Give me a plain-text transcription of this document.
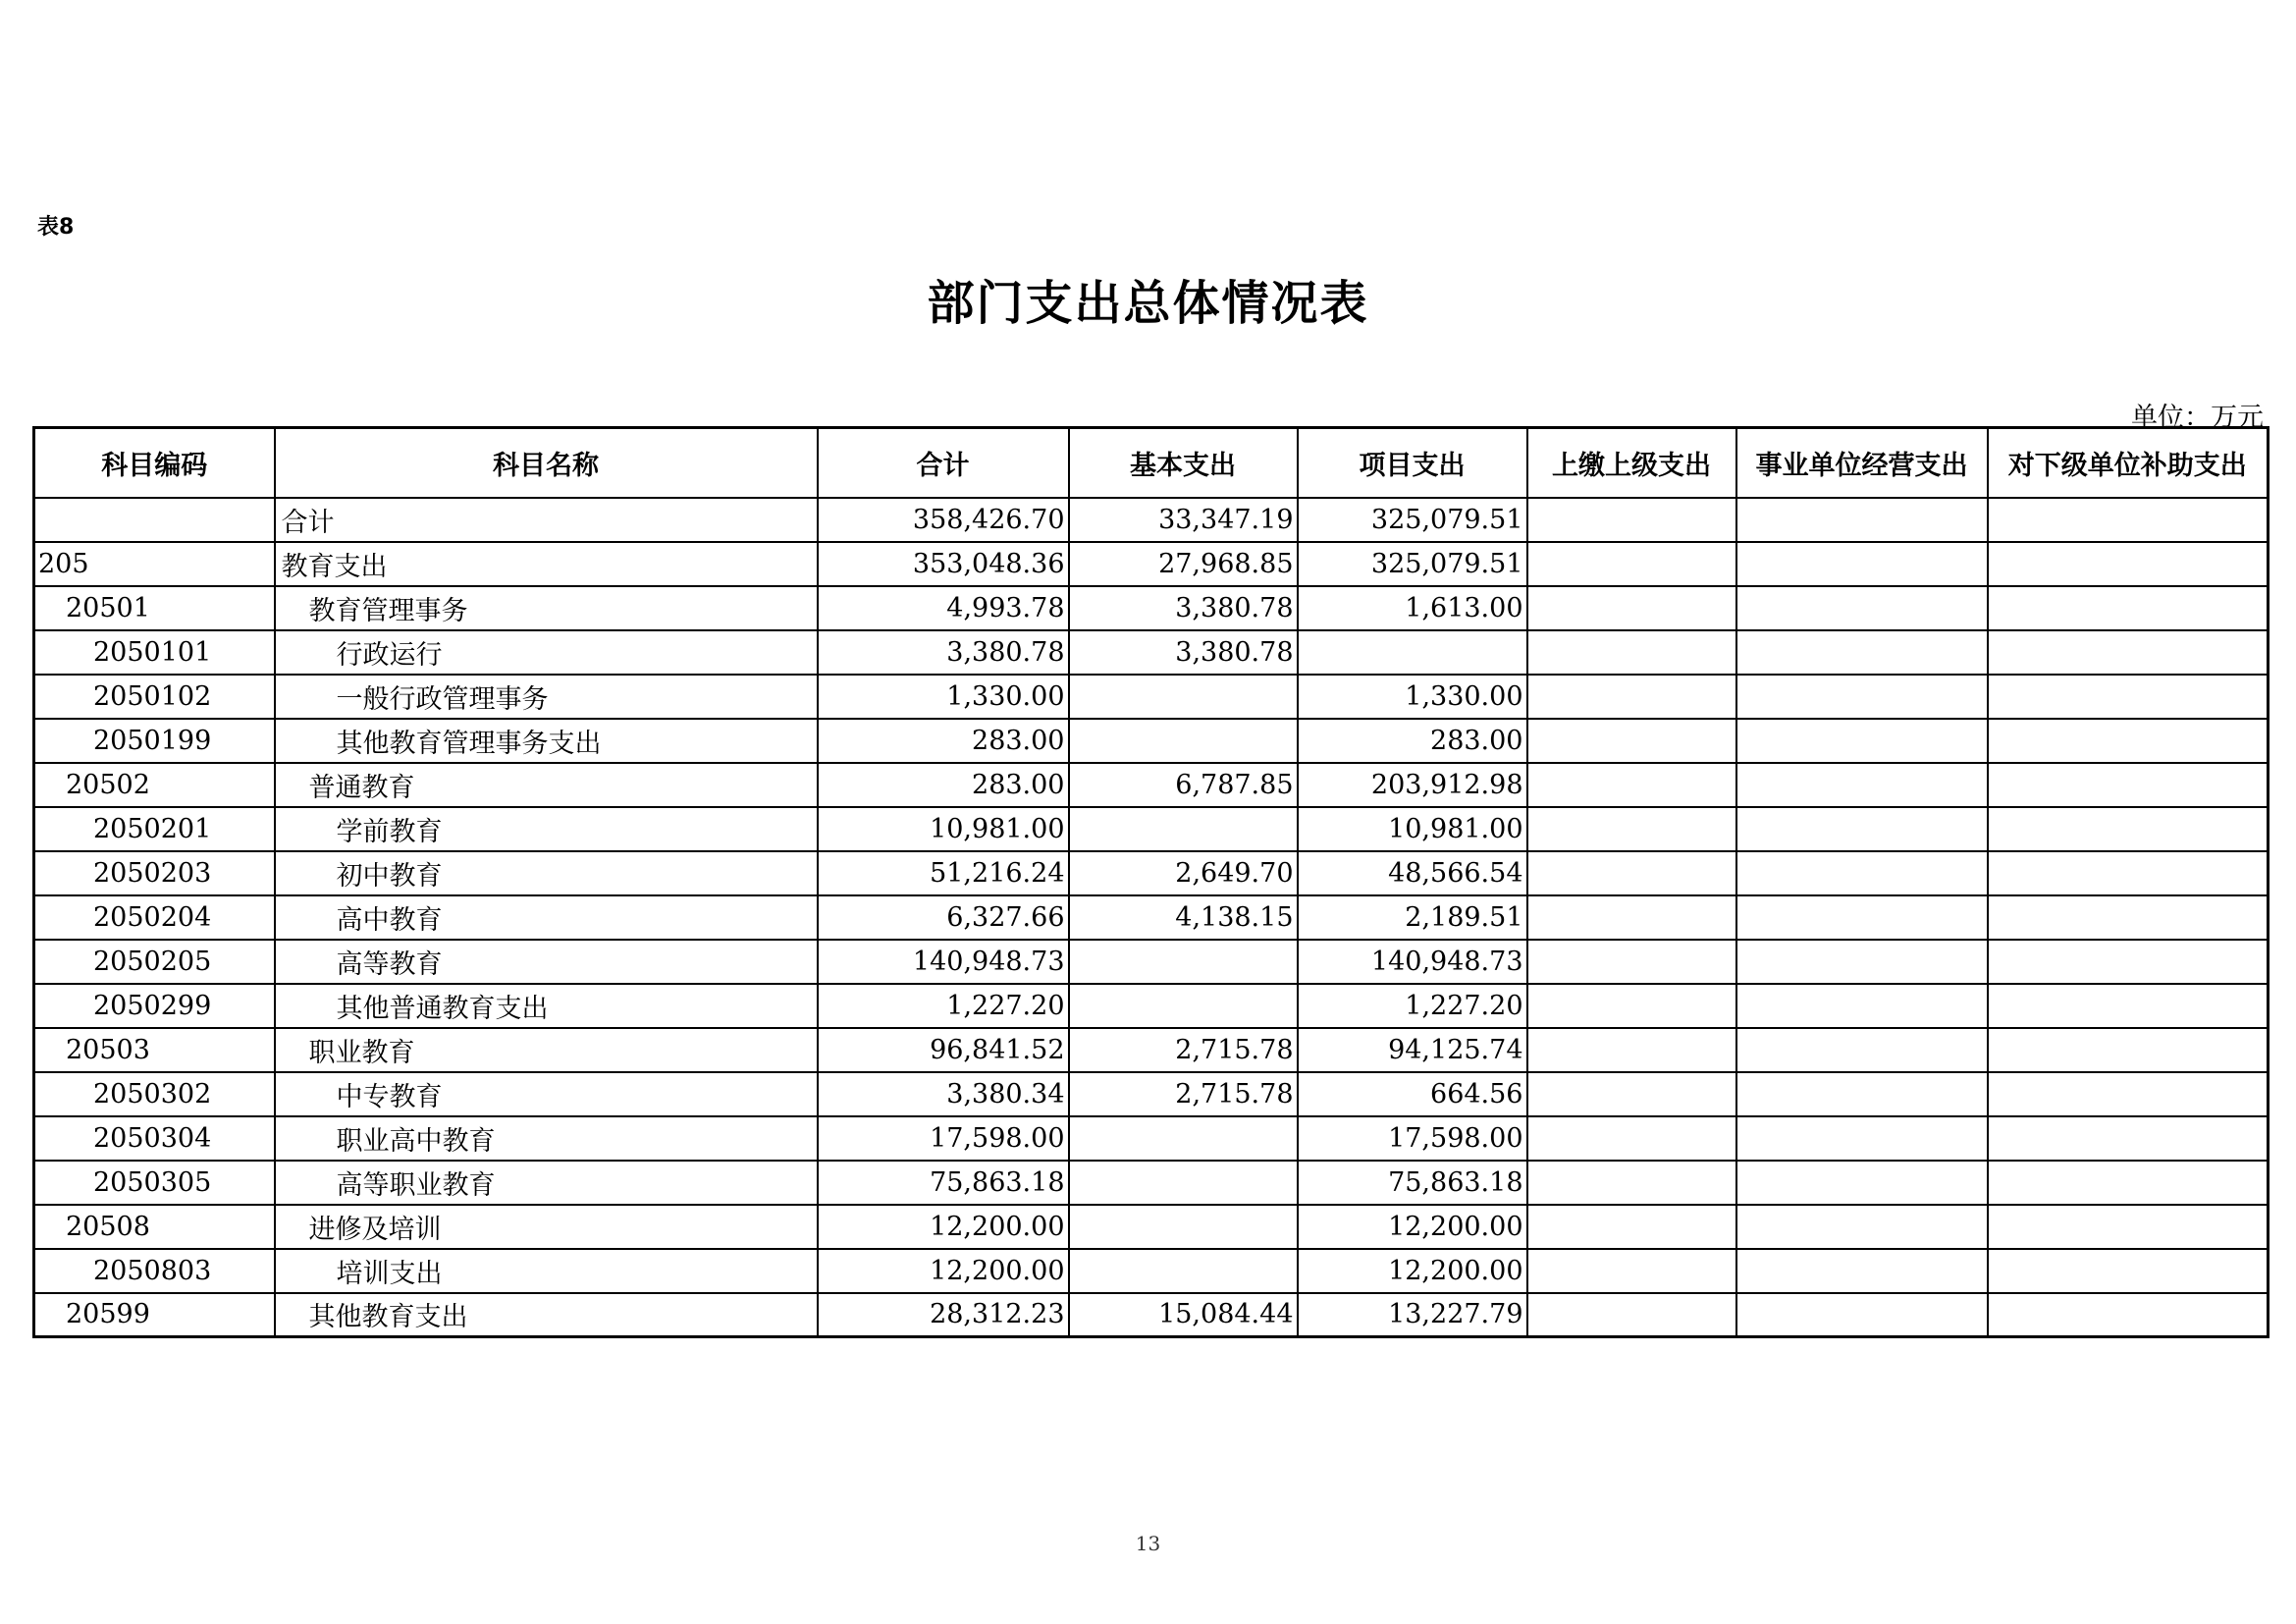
表8
部门支出总体情况表
单位：万元
科目编码	科目名称	合计	基本支出	项目支出	上缴上级支出	事业单位经营支出	对下级单位补助支出
	合计	358,426.70	33,347.19	325,079.51			
205	教育支出	353,048.36	27,968.85	325,079.51			
20501	教育管理事务	4,993.78	3,380.78	1,613.00			
2050101	行政运行	3,380.78	3,380.78				
2050102	一般行政管理事务	1,330.00		1,330.00			
2050199	其他教育管理事务支出	283.00		283.00			
20502	普通教育	283.00	6,787.85	203,912.98			
2050201	学前教育	10,981.00		10,981.00			
2050203	初中教育	51,216.24	2,649.70	48,566.54			
2050204	高中教育	6,327.66	4,138.15	2,189.51			
2050205	高等教育	140,948.73		140,948.73			
2050299	其他普通教育支出	1,227.20		1,227.20			
20503	职业教育	96,841.52	2,715.78	94,125.74			
2050302	中专教育	3,380.34	2,715.78	664.56			
2050304	职业高中教育	17,598.00		17,598.00			
2050305	高等职业教育	75,863.18		75,863.18			
20508	进修及培训	12,200.00		12,200.00			
2050803	培训支出	12,200.00		12,200.00			
20599	其他教育支出	28,312.23	15,084.44	13,227.79			
13
